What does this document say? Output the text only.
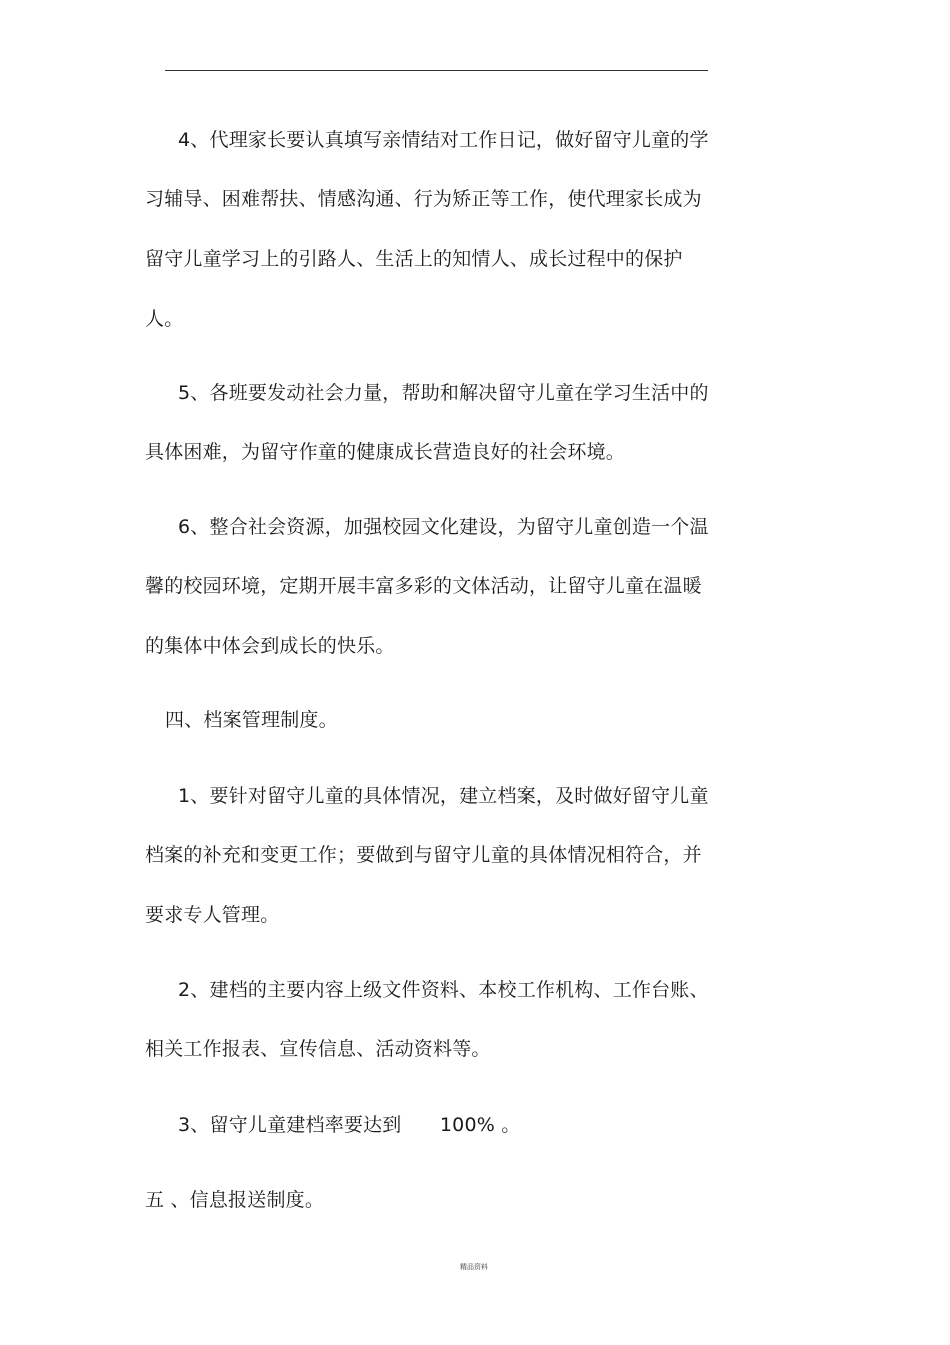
4、代理家长要认真填写亲情结对工作日记，做好留守儿童的学
习辅导、困难帮扶、情感沟通、行为矫正等工作，使代理家长成为
留守儿童学习上的引路人、生活上的知情人、成长过程中的保护
人。
5、各班要发动社会力量，帮助和解决留守儿童在学习生活中的
具体困难，为留守作童的健康成长营造良好的社会环境。
6、整合社会资源，加强校园文化建设，为留守儿童创造一个温
馨的校园环境，定期开展丰富多彩的文体活动，让留守儿童在温暖
的集体中体会到成长的快乐。
四、档案管理制度。
1、要针对留守儿童的具体情况，建立档案，及时做好留守儿童
档案的补充和变更工作；要做到与留守儿童的具体情况相符合，并
要求专人管理。
2、建档的主要内容上级文件资料、本校工作机构、工作台账、
相关工作报表、宣传信息、活动资料等。
3、留守儿童建档率要达到　　100% 。
五 、信息报送制度。
精品资料
